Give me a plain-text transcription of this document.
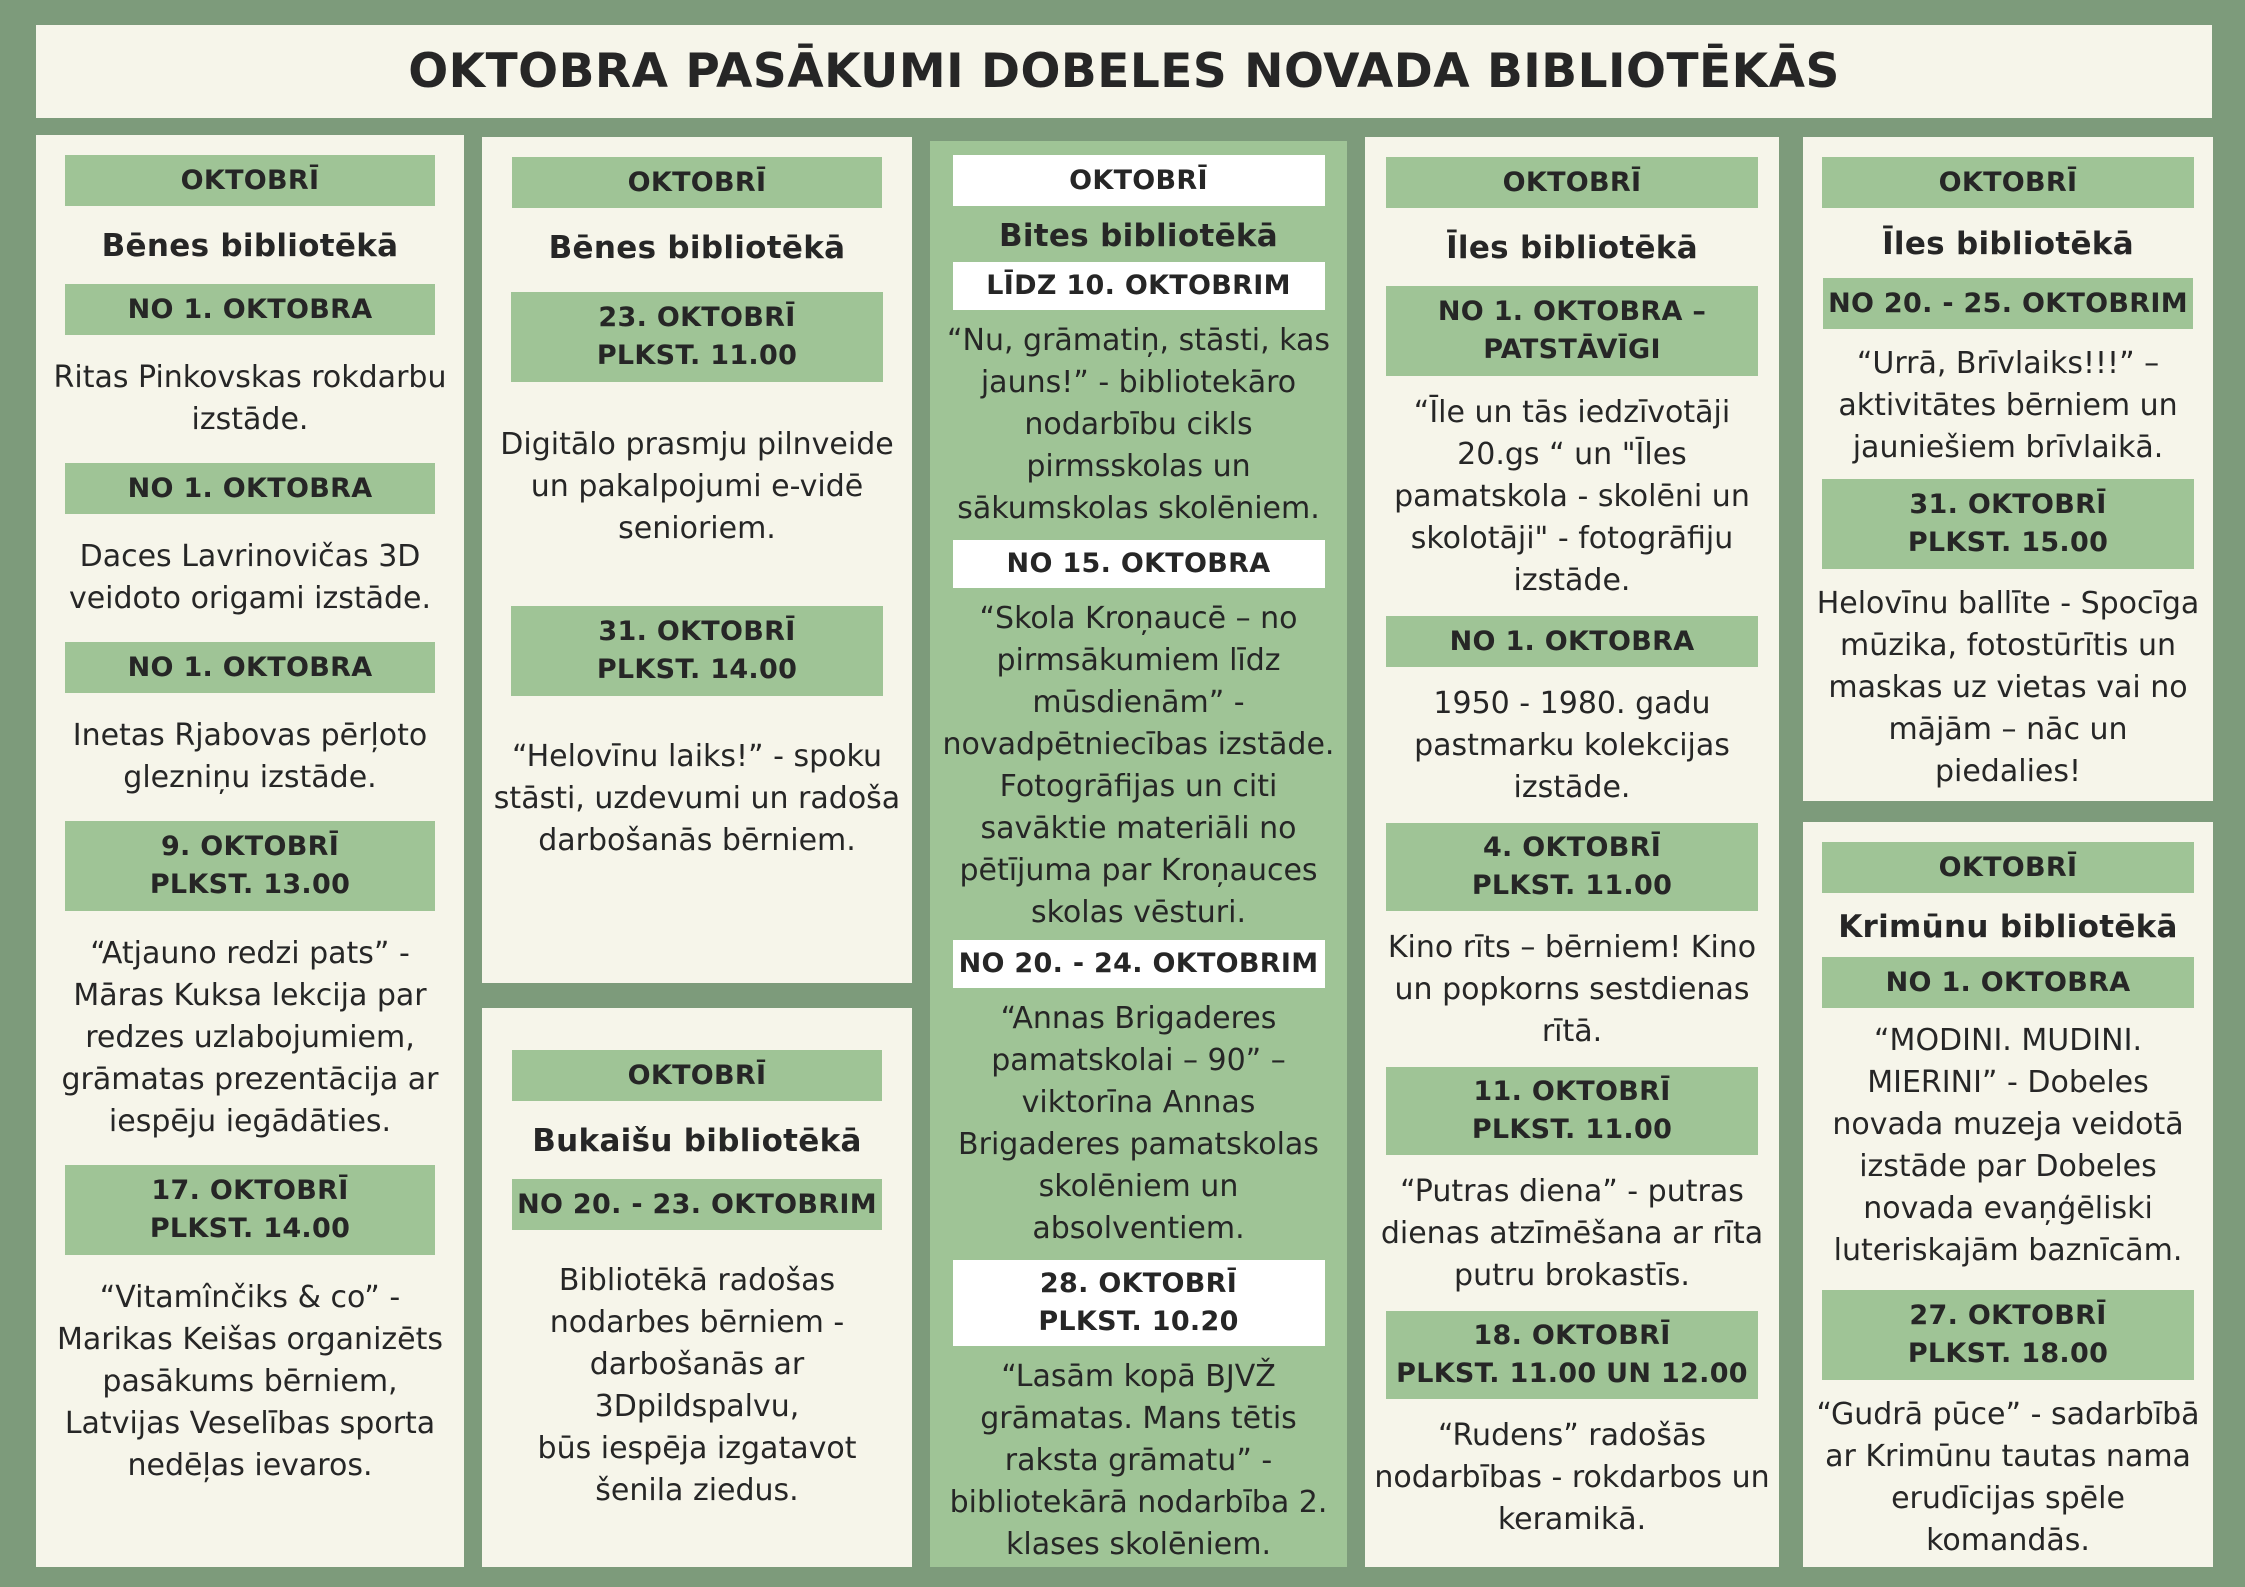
OKTOBRA PASĀKUMI DOBELES NOVADA BIBLIOTĒKĀS
OKTOBRĪ
Bēnes bibliotēkā
NO 1. OKTOBRA
Ritas Pinkovskas rokdarbu izstāde.
NO 1. OKTOBRA
Daces Lavrinovičas 3D veidoto origami izstāde.
NO 1. OKTOBRA
Inetas Rjabovas pērļoto glezniņu izstāde.
9. OKTOBRĪ
PLKST. 13.00
“Atjauno redzi pats” - Māras Kuksa lekcija par redzes uzlabojumiem, grāmatas prezentācija ar iespēju iegādāties.
17. OKTOBRĪ
PLKST. 14.00
“Vitamînčiks & co” - Marikas Keišas organizēts pasākums bērniem, Latvijas Veselības sporta nedēļas ievaros.
OKTOBRĪ
Bēnes bibliotēkā
23. OKTOBRĪ
PLKST. 11.00
Digitālo prasmju pilnveide un pakalpojumi e-vidē senioriem.
31. OKTOBRĪ
PLKST. 14.00
“Helovīnu laiks!” - spoku stāsti, uzdevumi un radoša darbošanās bērniem.
OKTOBRĪ
Bukaišu bibliotēkā
NO 20. - 23. OKTOBRIM
Bibliotēkā radošas nodarbes bērniem - darbošanās ar 3Dpildspalvu,
būs iespēja izgatavot šenila ziedus.
OKTOBRĪ
Bites bibliotēkā
LĪDZ 10. OKTOBRIM
“Nu, grāmatiņ, stāsti, kas jauns!” - bibliotekāro nodarbību cikls pirmsskolas un sākumskolas skolēniem.
NO 15. OKTOBRA
“Skola Kroņaucē – no pirmsākumiem līdz mūsdienām” - novadpētniecības izstāde. Fotogrāfijas un citi savāktie materiāli no pētījuma par Kroņauces skolas vēsturi.
NO 20. - 24. OKTOBRIM
“Annas Brigaderes pamatskolai – 90” – viktorīna Annas Brigaderes pamatskolas skolēniem un absolventiem.
28. OKTOBRĪ
PLKST. 10.20
“Lasām kopā BJVŽ grāmatas. Mans tētis raksta grāmatu” - bibliotekārā nodarbība 2. klases skolēniem.
OKTOBRĪ
Īles bibliotēkā
NO 1. OKTOBRA –
PATSTĀVĪGI
“Īle un tās iedzīvotāji 20.gs “ un "Īles pamatskola - skolēni un skolotāji" - fotogrāfiju izstāde.
NO 1. OKTOBRA
1950 - 1980. gadu pastmarku kolekcijas izstāde.
4. OKTOBRĪ
PLKST. 11.00
Kino rīts – bērniem! Kino un popkorns sestdienas rītā.
11. OKTOBRĪ
PLKST. 11.00
“Putras diena” - putras dienas atzīmēšana ar rīta putru brokastīs.
18. OKTOBRĪ
PLKST. 11.00 UN 12.00
“Rudens” radošās nodarbības - rokdarbos un keramikā.
OKTOBRĪ
Īles bibliotēkā
NO 20. - 25. OKTOBRIM
“Urrā, Brīvlaiks!!!” – aktivitātes bērniem un jauniešiem brīvlaikā.
31. OKTOBRĪ
PLKST. 15.00
Helovīnu ballīte - Spocīga mūzika, fotostūrītis un maskas uz vietas vai no mājām – nāc un piedalies!
OKTOBRĪ
Krimūnu bibliotēkā
NO 1. OKTOBRA
“MODINI. MUDINI. MIERINI” - Dobeles novada muzeja veidotā izstāde par Dobeles novada evaņģēliski luteriskajām baznīcām.
27. OKTOBRĪ
PLKST. 18.00
“Gudrā pūce” - sadarbībā ar Krimūnu tautas nama erudīcijas spēle komandās.
